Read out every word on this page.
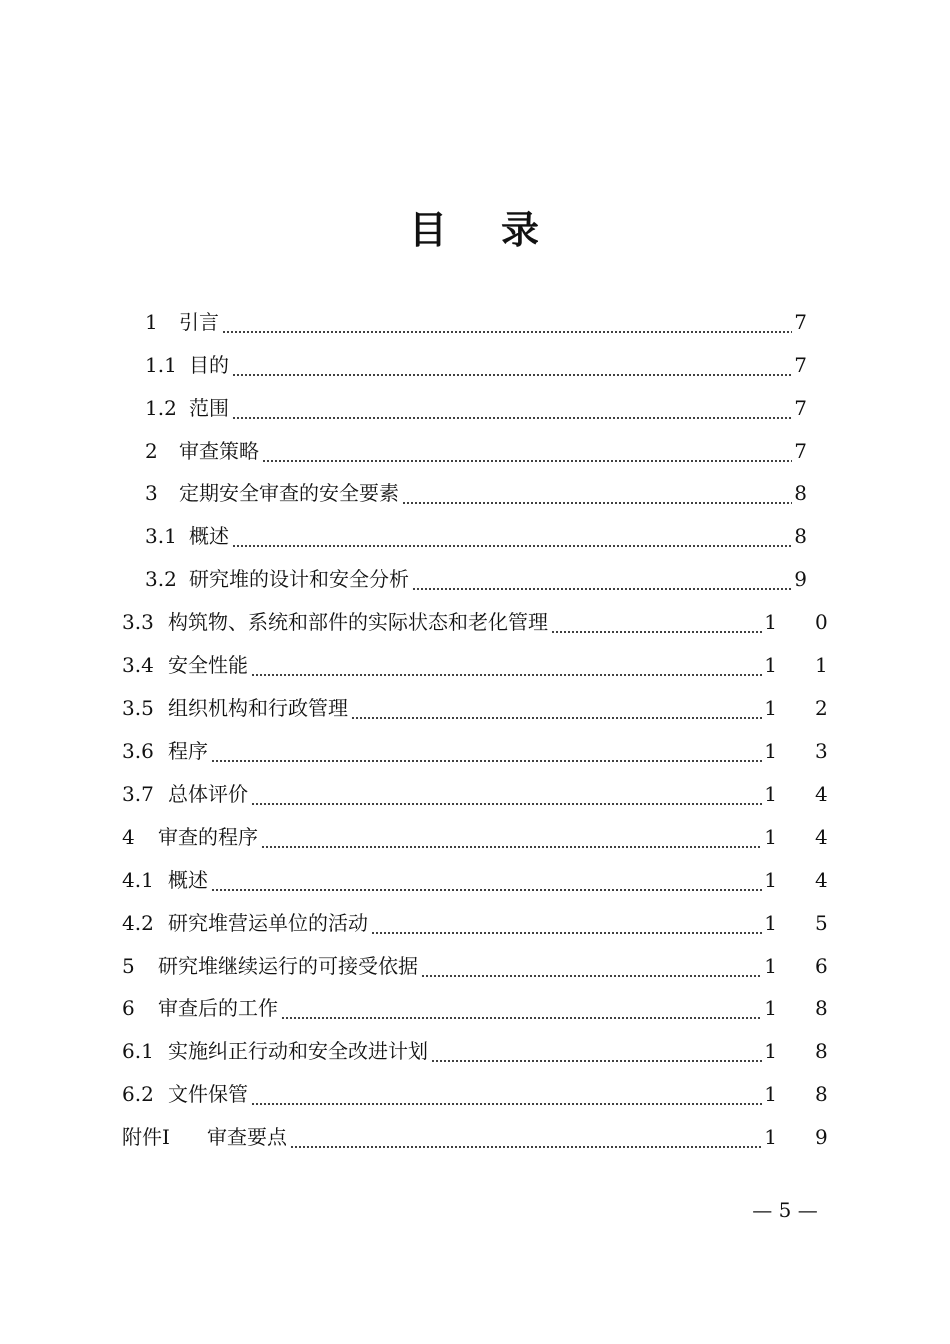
目 录
1 引言	7
1.1 目的	7
1.2 范围	7
2 审查策略	7
3 定期安全审查的安全要素	8
3.1 概述	8
3.2 研究堆的设计和安全分析	9
3.3 构筑物、系统和部件的实际状态和老化管理	1 0
3.4 安全性能	1 1
3.5 组织机构和行政管理	1 2
3.6 程序	1 3
3.7 总体评价	1 4
4 审查的程序	1 4
4.1 概述	1 4
4.2 研究堆营运单位的活动	1 5
5 研究堆继续运行的可接受依据	1 6
6 审查后的工作	1 8
6.1 实施纠正行动和安全改进计划	1 8
6.2 文件保管	1 8
附件Ⅰ 审查要点	1 9
— 5 —
